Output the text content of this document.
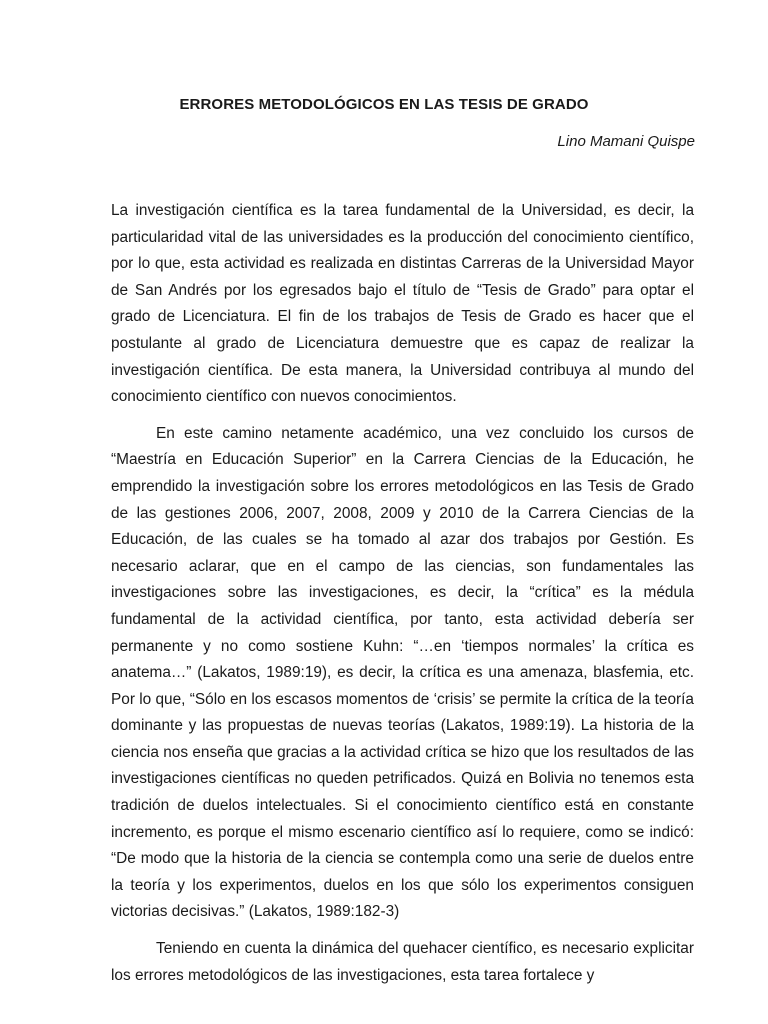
ERRORES METODOLÓGICOS EN LAS TESIS DE GRADO

Lino Mamani Quispe

La investigación científica es la tarea fundamental de la Universidad, es decir, la particularidad vital de las universidades es la producción del conocimiento científico, por lo que, esta actividad es realizada en distintas Carreras de la Universidad Mayor de San Andrés por los egresados bajo el título de “Tesis de Grado” para optar el grado de Licenciatura. El fin de los trabajos de Tesis de Grado es hacer que el postulante al grado de Licenciatura demuestre que es capaz de realizar la investigación científica. De esta manera, la Universidad contribuya al mundo del conocimiento científico con nuevos conocimientos.

En este camino netamente académico, una vez concluido los cursos de “Maestría en Educación Superior” en la Carrera Ciencias de la Educación, he emprendido la investigación sobre los errores metodológicos en las Tesis de Grado de las gestiones 2006, 2007, 2008, 2009 y 2010 de la Carrera Ciencias de la Educación, de las cuales se ha tomado al azar dos trabajos por Gestión. Es necesario aclarar, que en el campo de las ciencias, son fundamentales las investigaciones sobre las investigaciones, es decir, la “crítica” es la médula fundamental de la actividad científica, por tanto, esta actividad debería ser permanente y no como sostiene Kuhn: “…en ‘tiempos normales’ la crítica es anatema…” (Lakatos, 1989:19), es decir, la crítica es una amenaza, blasfemia, etc. Por lo que, “Sólo en los escasos momentos de ‘crisis’ se permite la crítica de la teoría dominante y las propuestas de nuevas teorías (Lakatos, 1989:19). La historia de la ciencia nos enseña que gracias a la actividad crítica se hizo que los resultados de las investigaciones científicas no queden petrificados. Quizá en Bolivia no tenemos esta tradición de duelos intelectuales. Si el conocimiento científico está en constante incremento, es porque el mismo escenario científico así lo requiere, como se indicó: “De modo que la historia de la ciencia se contempla como una serie de duelos entre la teoría y los experimentos, duelos en los que sólo los experimentos consiguen victorias decisivas.” (Lakatos, 1989:182-3)

Teniendo en cuenta la dinámica del quehacer científico, es necesario explicitar los errores metodológicos de las investigaciones, esta tarea fortalece y
